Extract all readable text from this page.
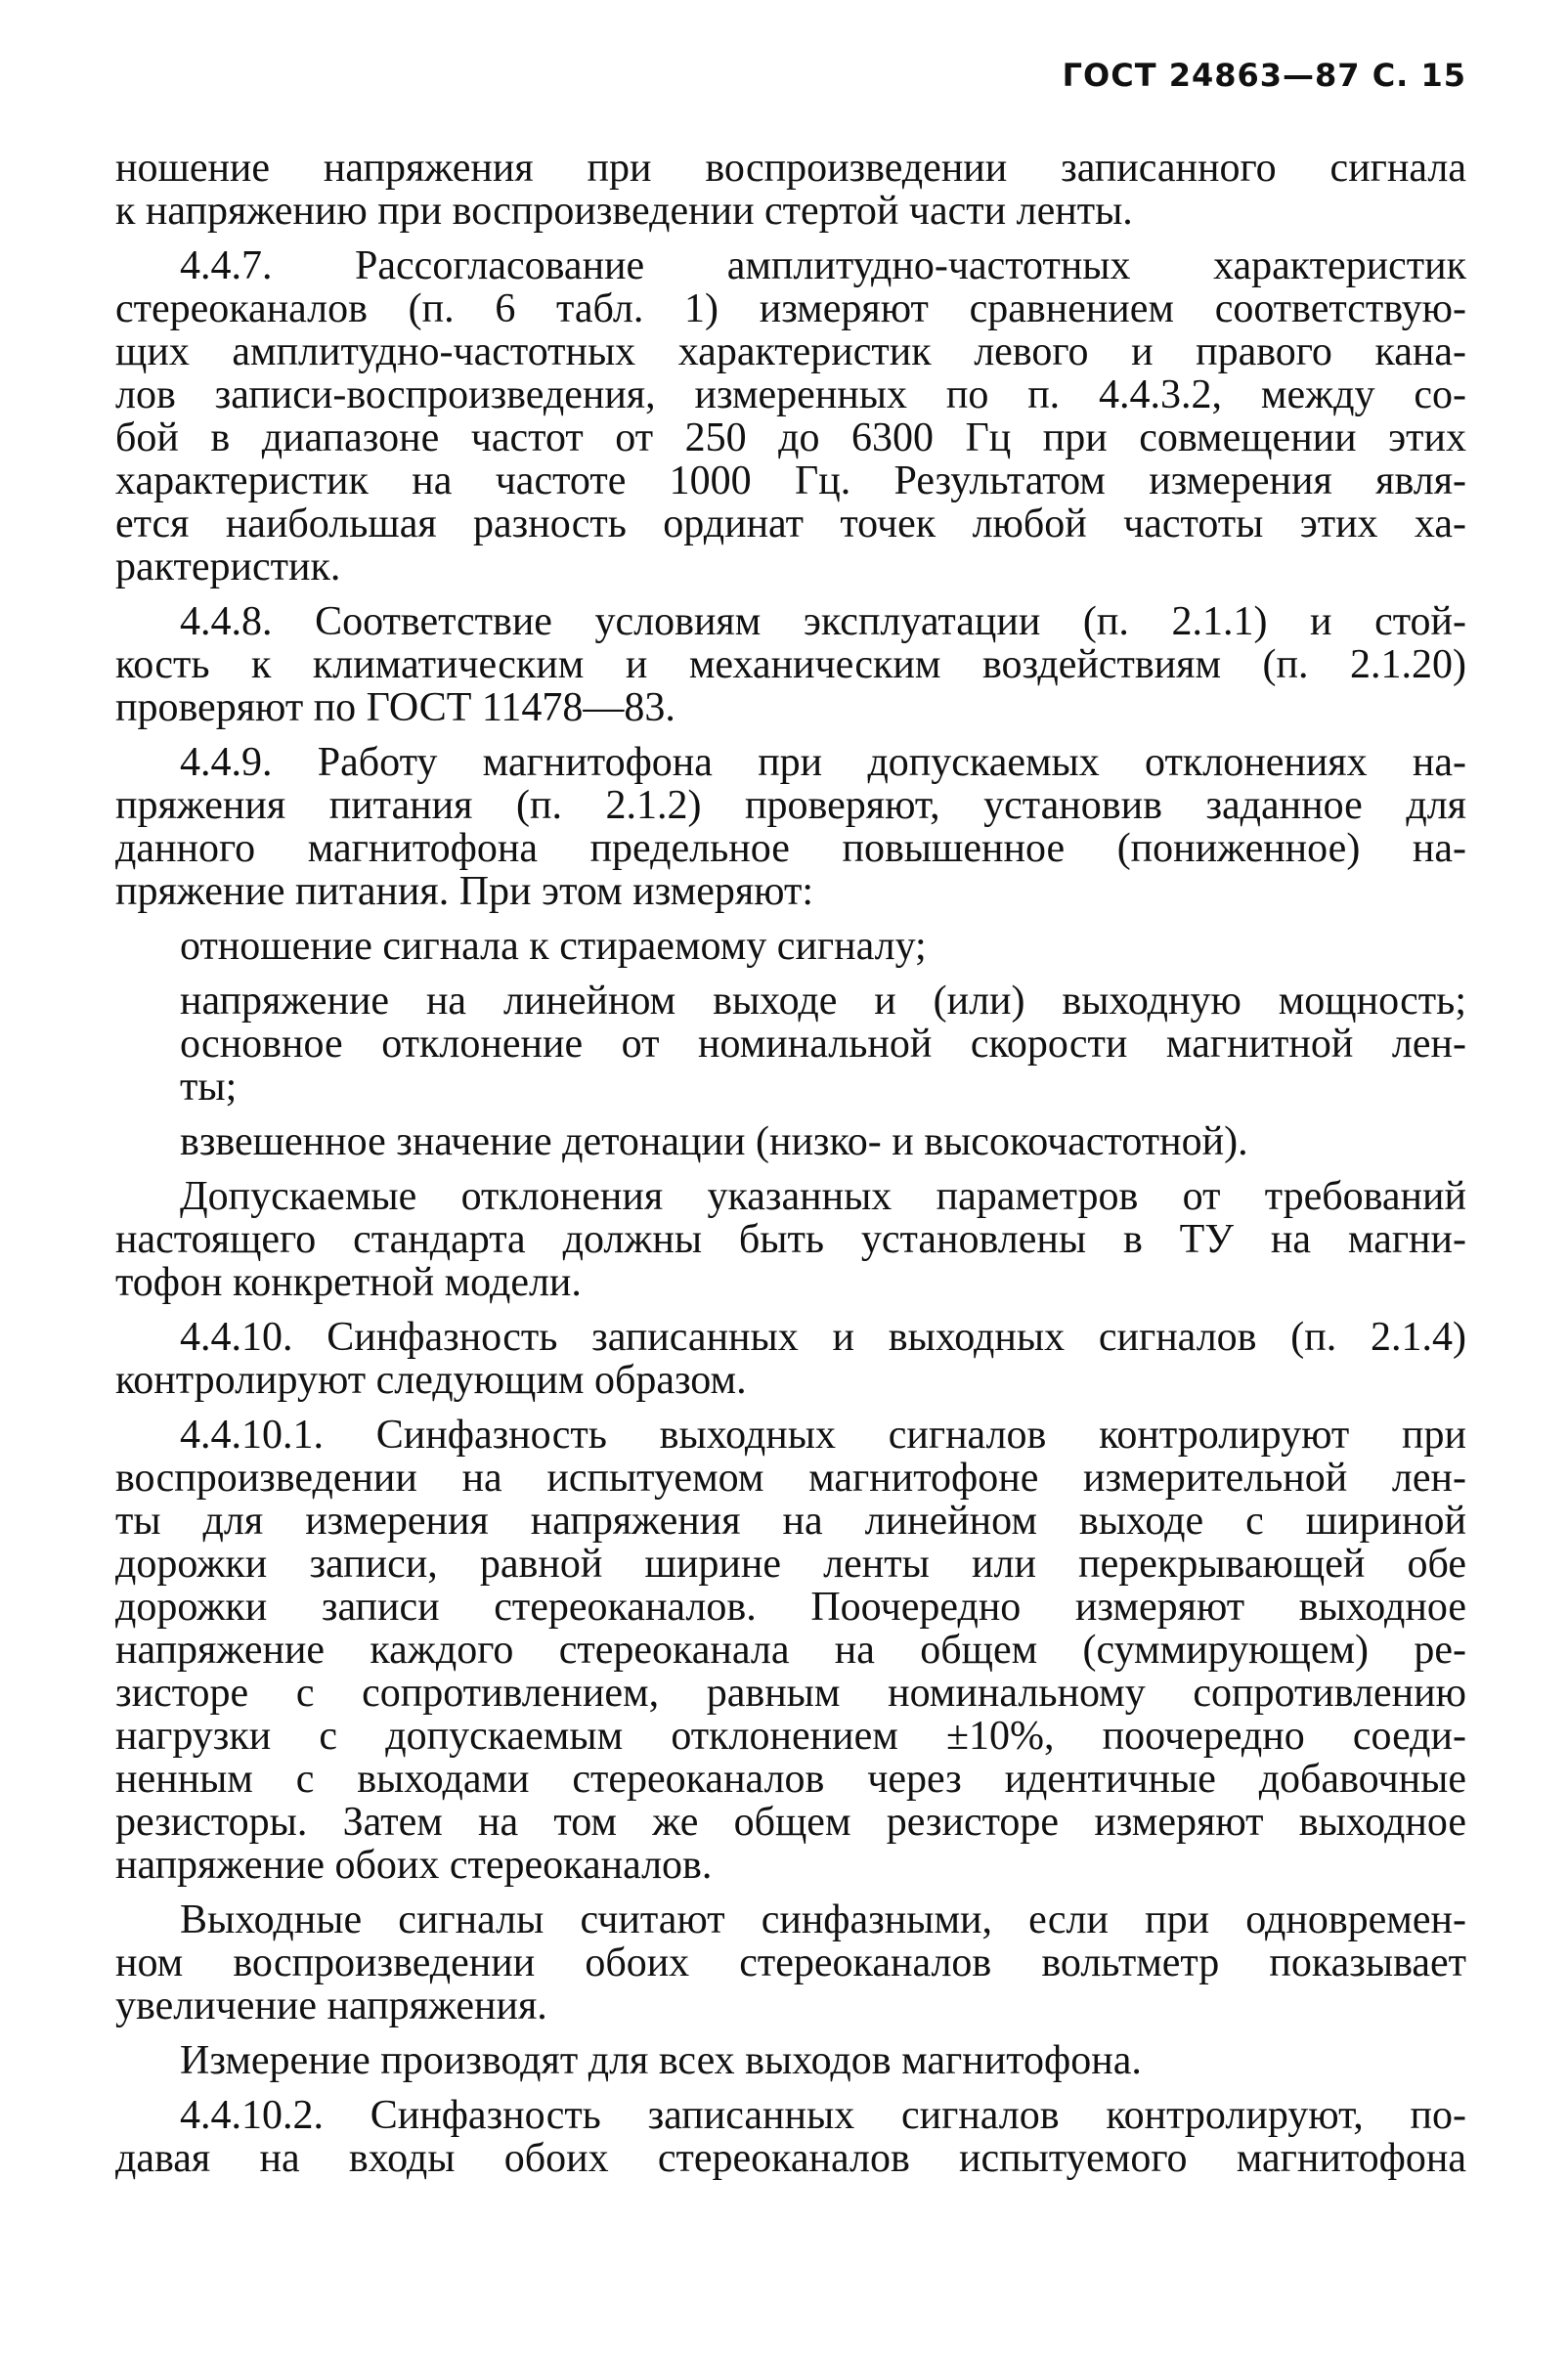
ГОСТ 24863—87 С. 15
ношение напряжения при воспроизведении записанного сигнала
к напряжению при воспроизведении стертой части ленты.
4.4.7. Рассогласование амплитудно-частотных характеристик
стереоканалов (п. 6 табл. 1) измеряют сравнением соответствую-
щих амплитудно-частотных характеристик левого и правого кана-
лов записи-воспроизведения, измеренных по п. 4.4.3.2, между со-
бой в диапазоне частот от 250 до 6300 Гц при совмещении этих
характеристик на частоте 1000 Гц. Результатом измерения явля-
ется наибольшая разность ординат точек любой частоты этих ха-
рактеристик.
4.4.8. Соответствие условиям эксплуатации (п. 2.1.1) и стой-
кость к климатическим и механическим воздействиям (п. 2.1.20)
проверяют по ГОСТ 11478—83.
4.4.9. Работу магнитофона при допускаемых отклонениях на-
пряжения питания (п. 2.1.2) проверяют, установив заданное для
данного магнитофона предельное повышенное (пониженное) на-
пряжение питания. При этом измеряют:
отношение сигнала к стираемому сигналу;
напряжение на линейном выходе и (или) выходную мощность;
основное отклонение от номинальной скорости магнитной лен-
ты;
взвешенное значение детонации (низко- и высокочастотной).
Допускаемые отклонения указанных параметров от требований
настоящего стандарта должны быть установлены в ТУ на магни-
тофон конкретной модели.
4.4.10. Синфазность записанных и выходных сигналов (п. 2.1.4)
контролируют следующим образом.
4.4.10.1. Синфазность выходных сигналов контролируют при
воспроизведении на испытуемом магнитофоне измерительной лен-
ты для измерения напряжения на линейном выходе с шириной
дорожки записи, равной ширине ленты или перекрывающей обе
дорожки записи стереоканалов. Поочередно измеряют выходное
напряжение каждого стереоканала на общем (суммирующем) ре-
зисторе с сопротивлением, равным номинальному сопротивлению
нагрузки с допускаемым отклонением ±10%, поочередно соеди-
ненным с выходами стереоканалов через идентичные добавочные
резисторы. Затем на том же общем резисторе измеряют выходное
напряжение обоих стереоканалов.
Выходные сигналы считают синфазными, если при одновремен-
ном воспроизведении обоих стереоканалов вольтметр показывает
увеличение напряжения.
Измерение производят для всех выходов магнитофона.
4.4.10.2. Синфазность записанных сигналов контролируют, по-
давая на входы обоих стереоканалов испытуемого магнитофона
